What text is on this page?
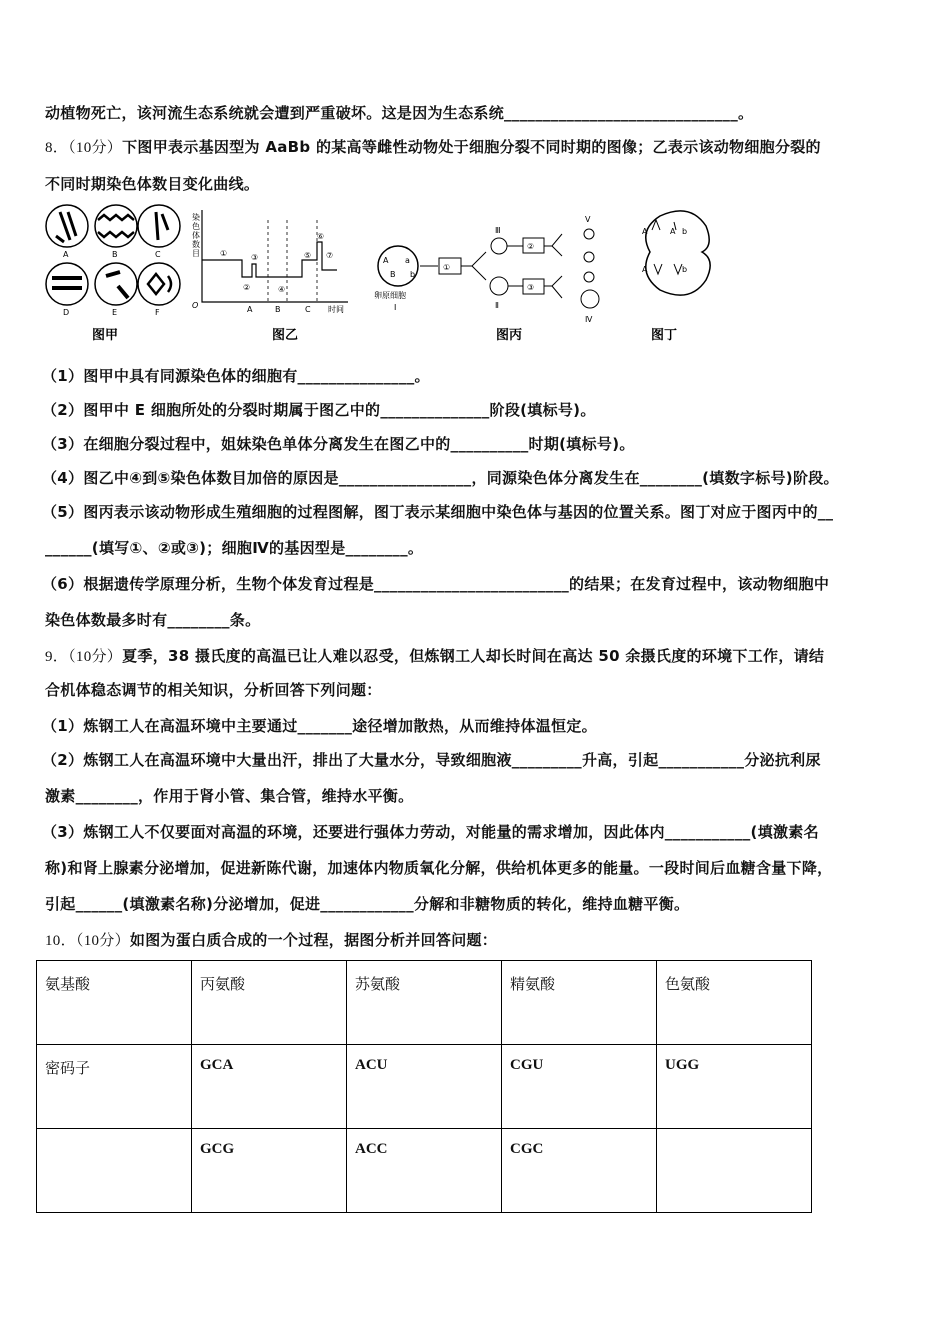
动植物死亡，该河流生态系统就会遭到严重破坏。这是因为生态系统______________________________。
8．（10分）下图甲表示基因型为 AaBb 的某高等雌性动物处于细胞分裂不同时期的图像；乙表示该动物细胞分裂的
不同时期染色体数目变化曲线。
A	B	C
D	E	F
图甲
染色体数目
O	A	B	C 时间
①
②
③
④
⑤
⑥
⑦
图乙
A a
B b
卵原细胞
Ⅰ
①
Ⅲ
Ⅱ
②
③
Ⅴ
Ⅳ
图丙
A	A b
A	b
图丁
（1）图甲中具有同源染色体的细胞有_______________。
（2）图甲中 E 细胞所处的分裂时期属于图乙中的______________阶段(填标号)。
（3）在细胞分裂过程中，姐妹染色单体分离发生在图乙中的__________时期(填标号)。
（4）图乙中④到⑤染色体数目加倍的原因是_________________，同源染色体分离发生在________(填数字标号)阶段。
（5）图丙表示该动物形成生殖细胞的过程图解，图丁表示某细胞中染色体与基因的位置关系。图丁对应于图丙中的__
______(填写①、②或③)；细胞Ⅳ的基因型是________。
（6）根据遗传学原理分析，生物个体发育过程是_________________________的结果；在发育过程中，该动物细胞中
染色体数最多时有________条。
9．（10分）夏季，38 摄氏度的高温已让人难以忍受，但炼钢工人却长时间在高达 50 余摄氏度的环境下工作，请结
合机体稳态调节的相关知识，分析回答下列问题：
（1）炼钢工人在高温环境中主要通过_______途径增加散热，从而维持体温恒定。
（2）炼钢工人在高温环境中大量出汗，排出了大量水分，导致细胞液_________升高，引起___________分泌抗利尿
激素________，作用于肾小管、集合管，维持水平衡。
（3）炼钢工人不仅要面对高温的环境，还要进行强体力劳动，对能量的需求增加，因此体内___________(填激素名
称)和肾上腺素分泌增加，促进新陈代谢，加速体内物质氧化分解，供给机体更多的能量。一段时间后血糖含量下降，
引起______(填激素名称)分泌增加，促进____________分解和非糖物质的转化，维持血糖平衡。
10．（10分）如图为蛋白质合成的一个过程，据图分析并回答问题：
氨基酸	丙氨酸	苏氨酸	精氨酸	色氨酸
密码子	GCA	ACU	CGU	UGG
	GCG	ACC	CGC	
